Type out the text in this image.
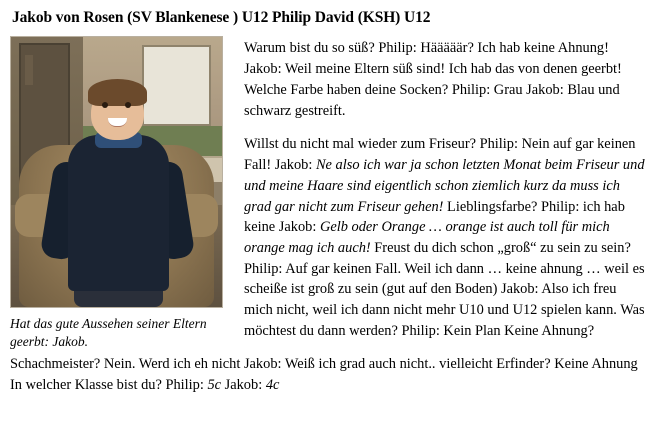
Jakob von Rosen (SV Blankenese ) U12 Philip David (KSH) U12
Hat das gute Aussehen seiner Eltern geerbt: Jakob.

Warum bist du so süß? Philip: Hääääär? Ich hab keine Ahnung! Jakob: Weil meine Eltern süß sind! Ich hab das von denen geerbt! Welche Farbe haben deine Socken? Philip: Grau Jakob: Blau und schwarz gestreift.

Willst du nicht mal wieder zum Friseur? Philip: Nein auf gar keinen Fall! Jakob: Ne also ich war ja schon letzten Monat beim Friseur und und meine Haare sind eigentlich schon ziemlich kurz da muss ich grad gar nicht zum Friseur gehen! Lieblingsfarbe? Philip: ich hab keine Jakob: Gelb oder Orange … orange ist auch toll für mich orange mag ich auch! Freust du dich schon „groß“ zu sein zu sein? Philip: Auf gar keinen Fall. Weil ich dann … keine ahnung … weil es scheiße ist groß zu sein (gut auf den Boden) Jakob: Also ich freu mich nicht, weil ich dann nicht mehr U10 und U12 spielen kann. Was möchtest du dann werden? Philip: Kein Plan Keine Ahnung?

Schachmeister? Nein. Werd ich eh nicht Jakob: Weiß ich grad auch nicht.. vielleicht Erfinder? Keine Ahnung In welcher Klasse bist du? Philip: 5c Jakob: 4c
